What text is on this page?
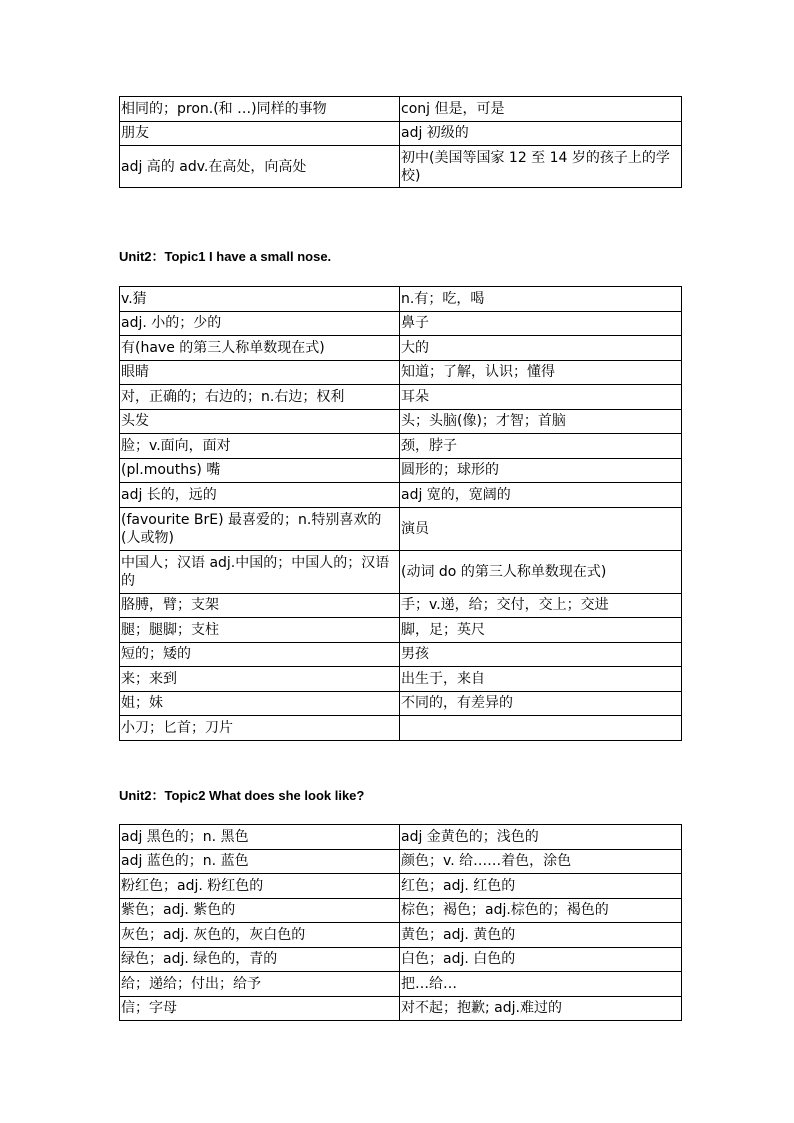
相同的；pron.(和 …)同样的事物	conj 但是，可是
朋友	adj 初级的
adj 高的 adv.在高处，向高处	初中(美国等国家 12 至 14 岁的孩子上的学校)

Unit2：Topic1 I have a small nose.

v.猜	n.有；吃，喝
adj. 小的；少的	鼻子
有(have 的第三人称单数现在式)	大的
眼睛	知道；了解，认识；懂得
对，正确的；右边的；n.右边；权利	耳朵
头发	头；头脑(像)；才智；首脑
脸；v.面向，面对	颈，脖子
(pl.mouths) 嘴	圆形的；球形的
adj 长的，远的	adj 宽的，宽阔的
(favourite BrE) 最喜爱的；n.特别喜欢的(人或物)	演员
中国人；汉语 adj.中国的；中国人的；汉语的	(动词 do 的第三人称单数现在式)
胳膊，臂；支架	手；v.递，给；交付，交上；交进
腿；腿脚；支柱	脚，足；英尺
短的；矮的	男孩
来；来到	出生于，来自
姐；妹	不同的，有差异的
小刀；匕首；刀片	

Unit2：Topic2 What does she look like?

adj 黑色的；n. 黑色	adj 金黄色的；浅色的
adj 蓝色的；n. 蓝色	颜色；v. 给……着色，涂色
粉红色；adj. 粉红色的	红色；adj. 红色的
紫色；adj. 紫色的	棕色；褐色；adj.棕色的；褐色的
灰色；adj. 灰色的，灰白色的	黄色；adj. 黄色的
绿色；adj. 绿色的，青的	白色；adj. 白色的
给；递给；付出；给予	把…给…
信；字母	对不起；抱歉; adj.难过的
